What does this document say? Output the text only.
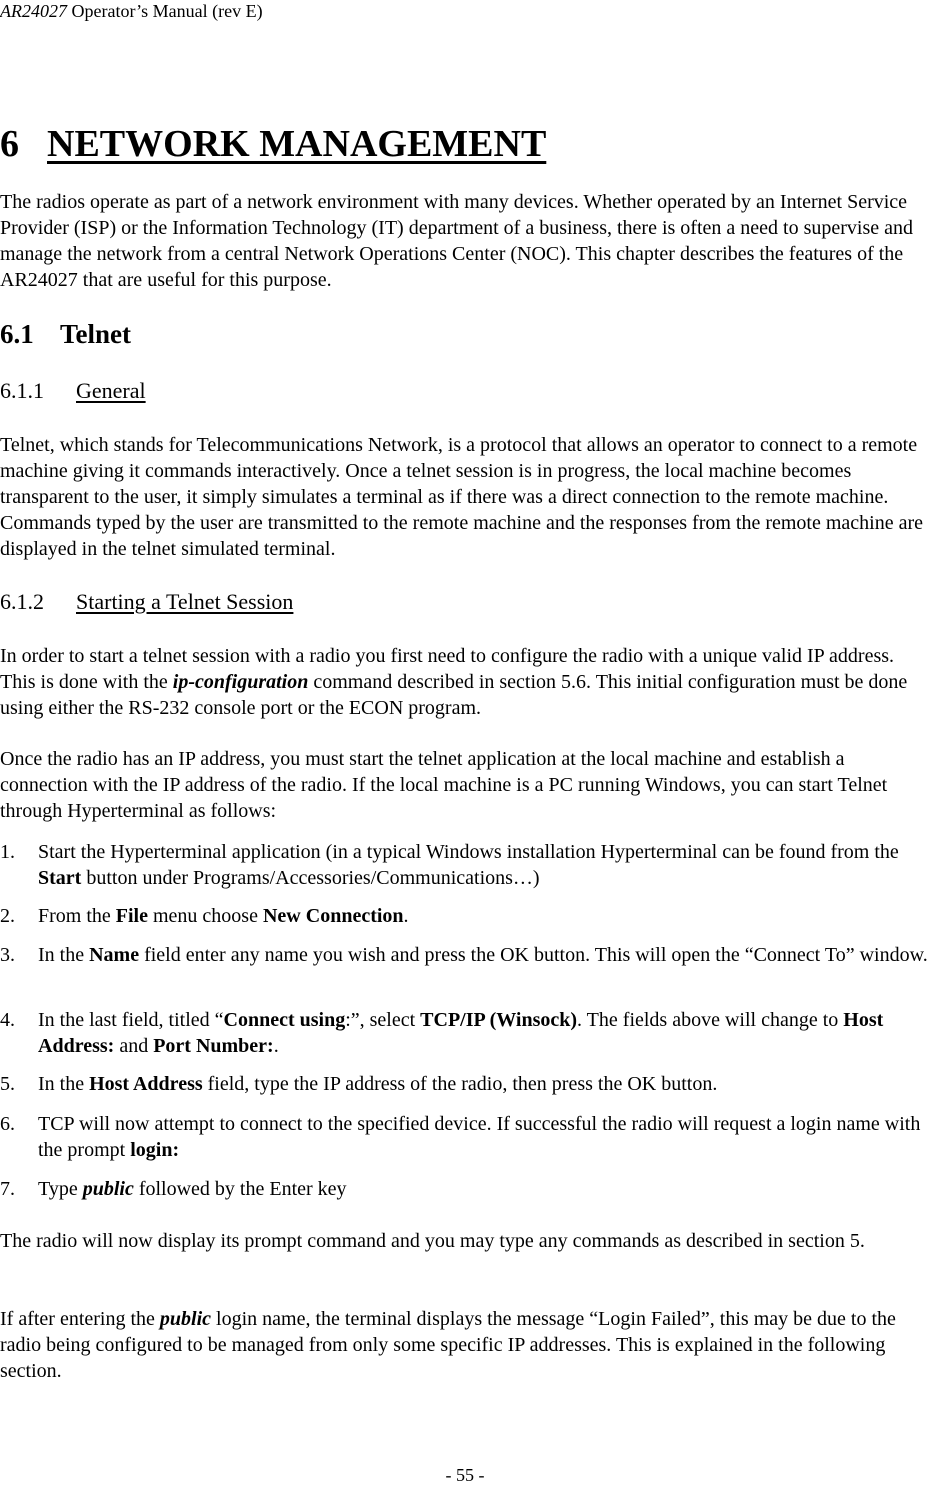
AR24027 Operator’s Manual (rev E)
6 NETWORK MANAGEMENT
The radios operate as part of a network environment with many devices. Whether operated by an Internet Service Provider (ISP) or the Information Technology (IT) department of a business, there is often a need to supervise and manage the network from a central Network Operations Center (NOC). This chapter describes the features of the AR24027 that are useful for this purpose.
6.1 Telnet
6.1.1 General
Telnet, which stands for Telecommunications Network, is a protocol that allows an operator to connect to a remote machine giving it commands interactively. Once a telnet session is in progress, the local machine becomes transparent to the user, it simply simulates a terminal as if there was a direct connection to the remote machine. Commands typed by the user are transmitted to the remote machine and the responses from the remote machine are displayed in the telnet simulated terminal.
6.1.2 Starting a Telnet Session
In order to start a telnet session with a radio you first need to configure the radio with a unique valid IP address. This is done with the ip-configuration command described in section 5.6. This initial configuration must be done using either the RS-232 console port or the ECON program.
Once the radio has an IP address, you must start the telnet application at the local machine and establish a connection with the IP address of the radio. If the local machine is a PC running Windows, you can start Telnet through Hyperterminal as follows:
1. Start the Hyperterminal application (in a typical Windows installation Hyperterminal can be found from the Start button under Programs/Accessories/Communications…)
2. From the File menu choose New Connection.
3. In the Name field enter any name you wish and press the OK button. This will open the “Connect To” window.
4. In the last field, titled “Connect using:”, select TCP/IP (Winsock). The fields above will change to Host Address: and Port Number:.
5. In the Host Address field, type the IP address of the radio, then press the OK button.
6. TCP will now attempt to connect to the specified device. If successful the radio will request a login name with the prompt login:
7. Type public followed by the Enter key
The radio will now display its prompt command and you may type any commands as described in section 5.
If after entering the public login name, the terminal displays the message “Login Failed”, this may be due to the radio being configured to be managed from only some specific IP addresses. This is explained in the following section.
- 55 -
